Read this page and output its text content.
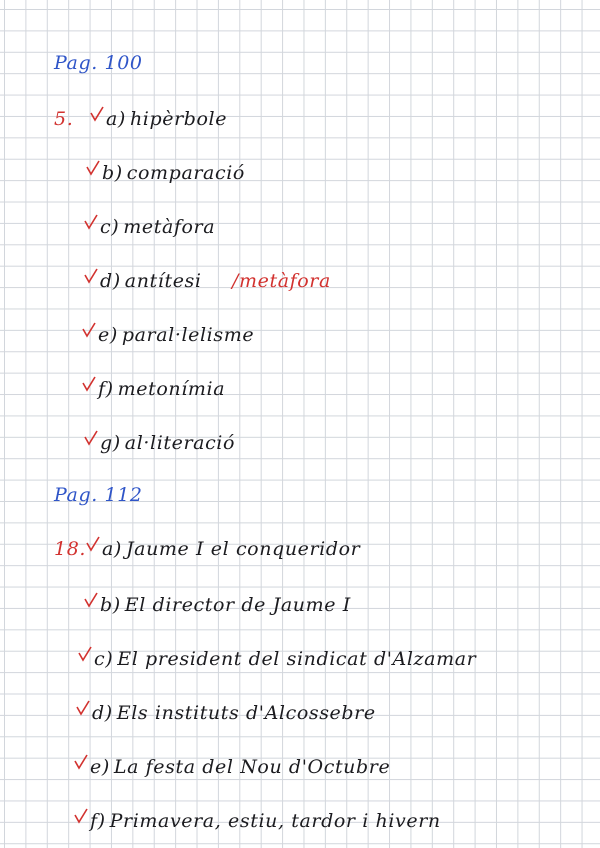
Pag. 100
5. a) hipèrbole
b) comparació
c) metàfora
d) antítesi /metàfora
e) paral·lelisme
f) metonímia
g) al·literació
Pag. 112
18. a) Jaume I el conqueridor
b) El director de Jaume I
c) El president del sindicat d'Alzamar
d) Els instituts d'Alcossebre
e) La festa del Nou d'Octubre
f) Primavera, estiu, tardor i hivern
